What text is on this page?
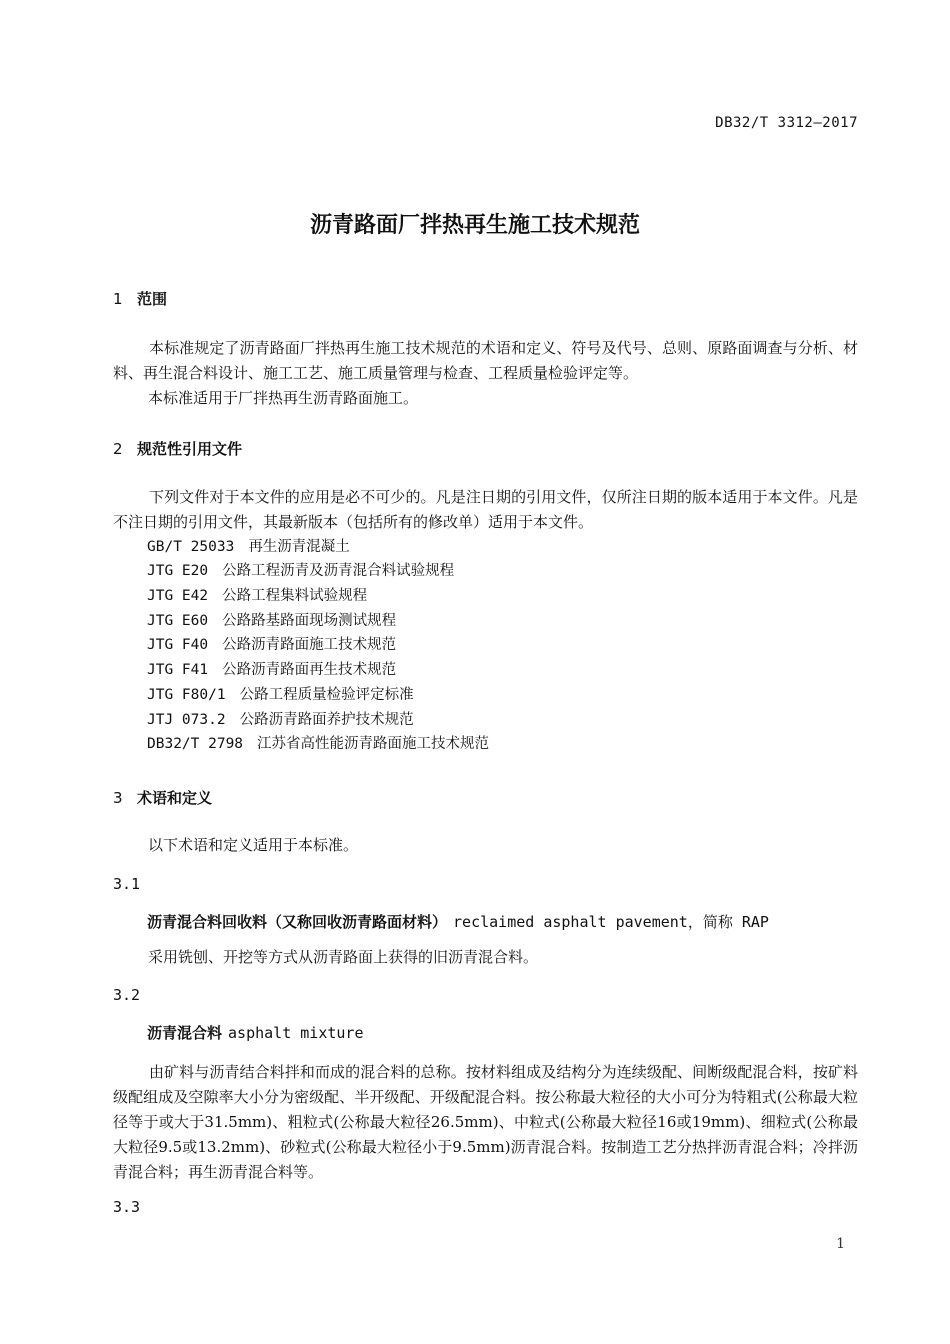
DB32/T 3312—2017
沥青路面厂拌热再生施工技术规范
1 范围
本标准规定了沥青路面厂拌热再生施工技术规范的术语和定义、符号及代号、总则、原路面调查与分析、材料、再生混合料设计、施工工艺、施工质量管理与检查、工程质量检验评定等。
本标准适用于厂拌热再生沥青路面施工。
2 规范性引用文件
下列文件对于本文件的应用是必不可少的。凡是注日期的引用文件，仅所注日期的版本适用于本文件。凡是不注日期的引用文件，其最新版本（包括所有的修改单）适用于本文件。
GB/T 25033 再生沥青混凝土
JTG E20 公路工程沥青及沥青混合料试验规程
JTG E42 公路工程集料试验规程
JTG E60 公路路基路面现场测试规程
JTG F40 公路沥青路面施工技术规范
JTG F41 公路沥青路面再生技术规范
JTG F80/1 公路工程质量检验评定标准
JTJ 073.2 公路沥青路面养护技术规范
DB32/T 2798 江苏省高性能沥青路面施工技术规范
3 术语和定义
以下术语和定义适用于本标准。
3.1
沥青混合料回收料（又称回收沥青路面材料） reclaimed asphalt pavement，简称 RAP
采用铣刨、开挖等方式从沥青路面上获得的旧沥青混合料。
3.2
沥青混合料 asphalt mixture
由矿料与沥青结合料拌和而成的混合料的总称。按材料组成及结构分为连续级配、间断级配混合料，按矿料级配组成及空隙率大小分为密级配、半开级配、开级配混合料。按公称最大粒径的大小可分为特粗式(公称最大粒径等于或大于31.5mm)、粗粒式(公称最大粒径26.5mm)、中粒式(公称最大粒径16或19mm)、细粒式(公称最大粒径9.5或13.2mm)、砂粒式(公称最大粒径小于9.5mm)沥青混合料。按制造工艺分热拌沥青混合料；冷拌沥青混合料；再生沥青混合料等。
3.3
1
